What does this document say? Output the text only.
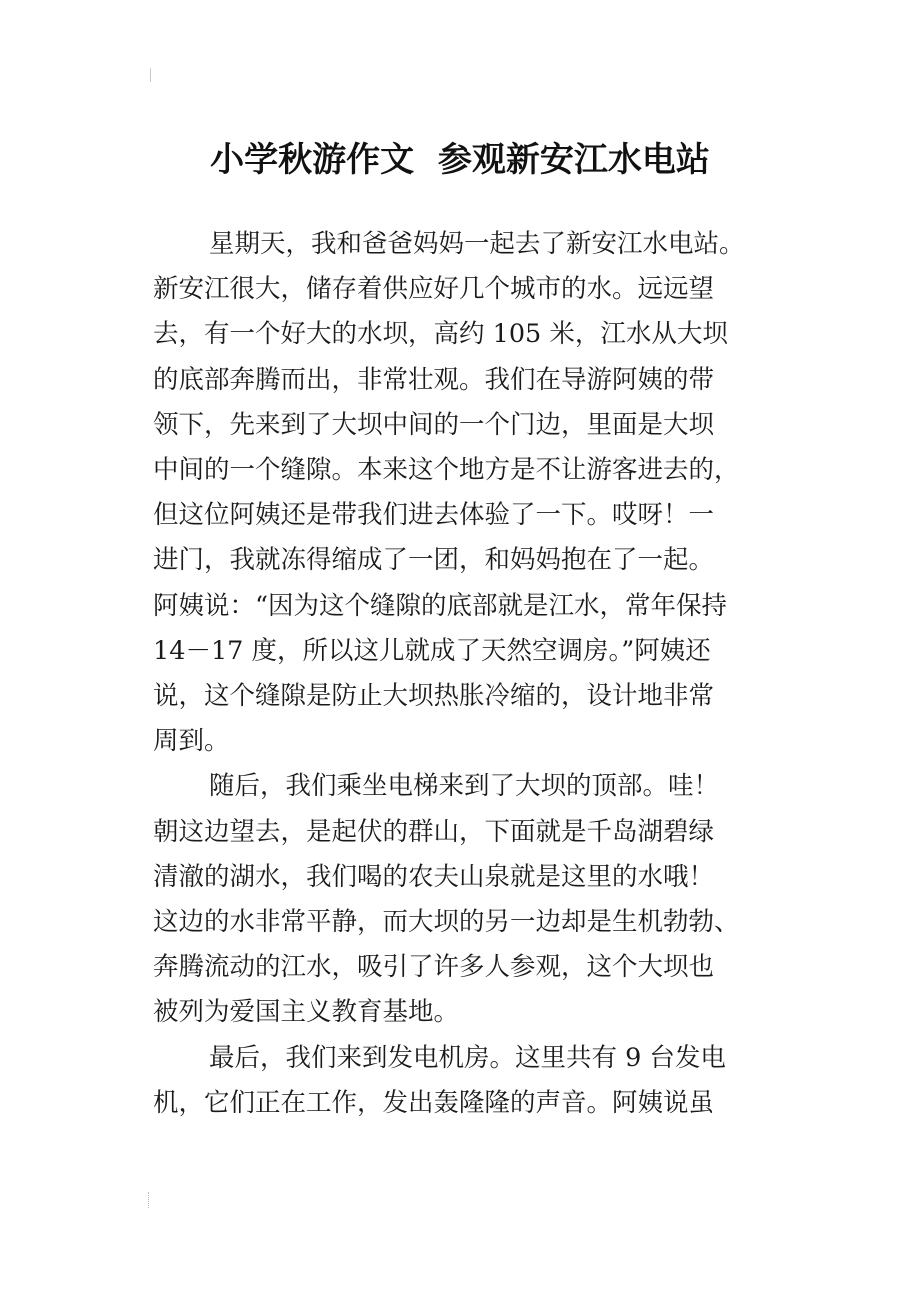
小学秋游作文  参观新安江水电站
星期天，我和爸爸妈妈一起去了新安江水电站。
新安江很大，储存着供应好几个城市的水。远远望
去，有一个好大的水坝，高约 105 米，江水从大坝
的底部奔腾而出，非常壮观。我们在导游阿姨的带
领下，先来到了大坝中间的一个门边，里面是大坝
中间的一个缝隙。本来这个地方是不让游客进去的，
但这位阿姨还是带我们进去体验了一下。哎呀！一
进门，我就冻得缩成了一团，和妈妈抱在了一起。
阿姨说：“因为这个缝隙的底部就是江水，常年保持
14－17 度，所以这儿就成了天然空调房。”阿姨还
说，这个缝隙是防止大坝热胀冷缩的，设计地非常
周到。
随后，我们乘坐电梯来到了大坝的顶部。哇！
朝这边望去，是起伏的群山，下面就是千岛湖碧绿
清澈的湖水，我们喝的农夫山泉就是这里的水哦！
这边的水非常平静，而大坝的另一边却是生机勃勃、
奔腾流动的江水，吸引了许多人参观，这个大坝也
被列为爱国主义教育基地。
最后，我们来到发电机房。这里共有 9 台发电
机，它们正在工作，发出轰隆隆的声音。阿姨说虽
